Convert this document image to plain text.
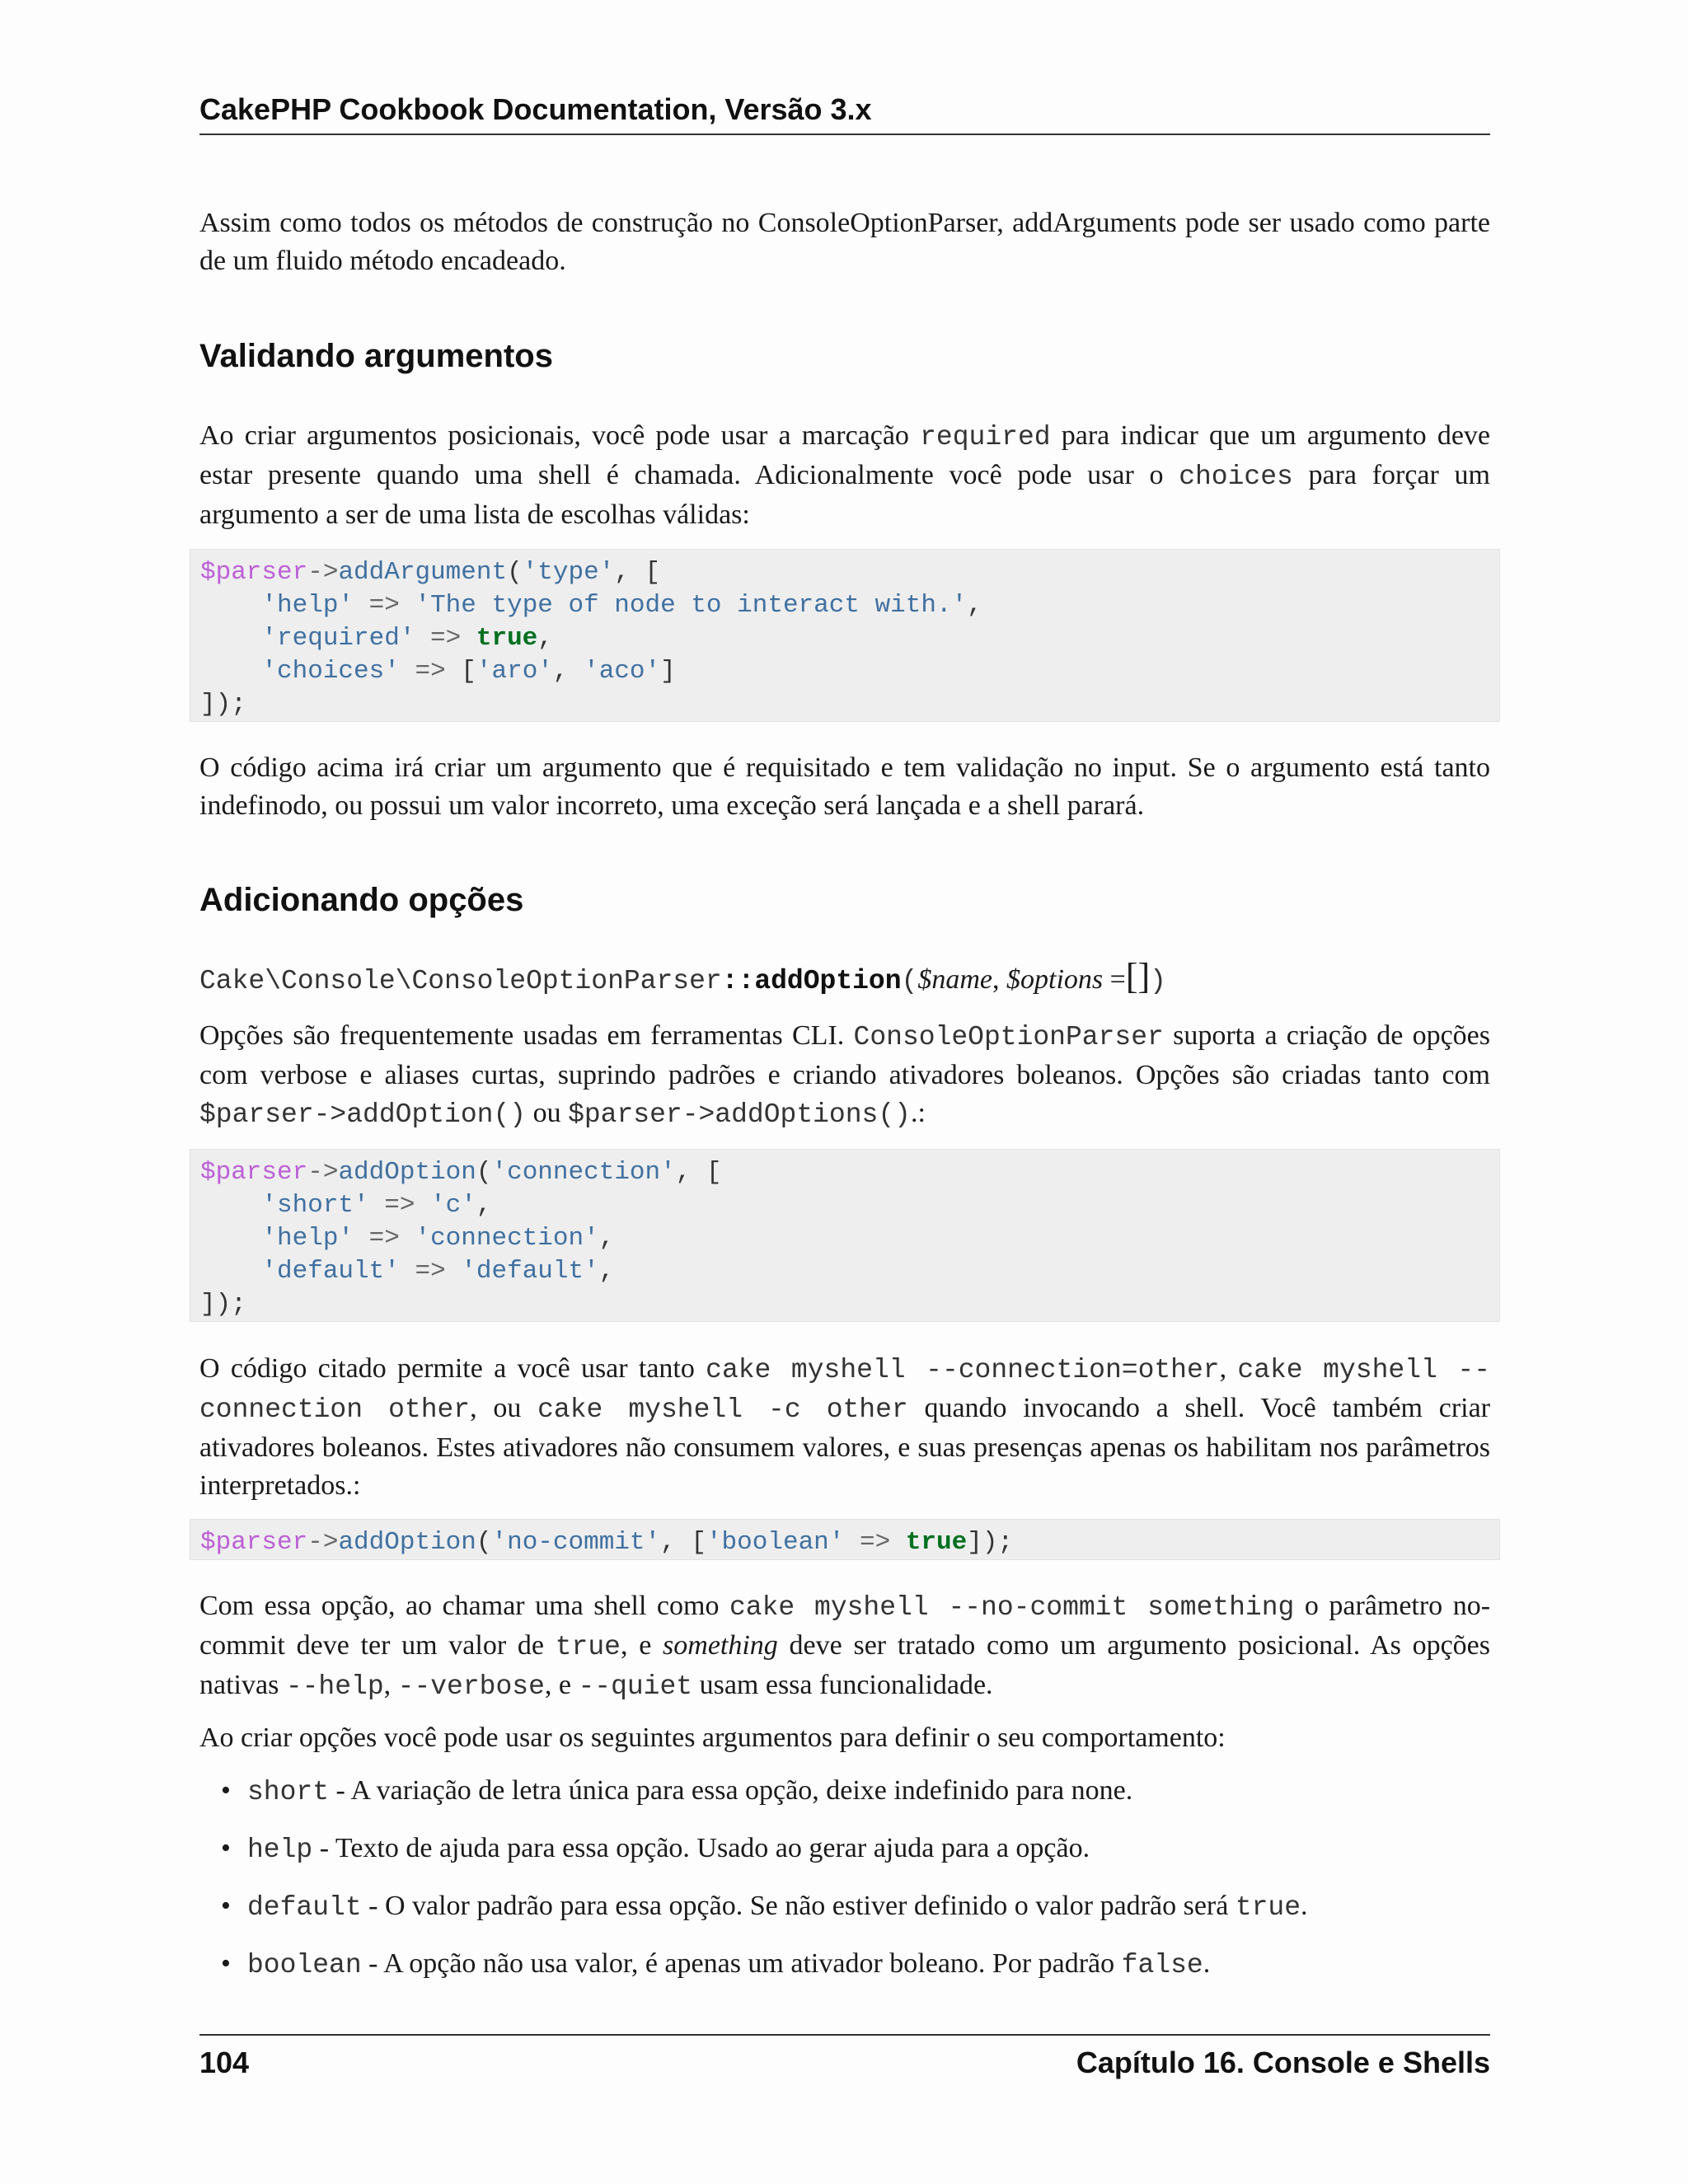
CakePHP Cookbook Documentation, Versão 3.x

Assim como todos os métodos de construção no ConsoleOptionParser, addArguments pode ser usado como parte de um fluido método encadeado.

Validando argumentos

Ao criar argumentos posicionais, você pode usar a marcação required para indicar que um argumento deve estar presente quando uma shell é chamada. Adicionalmente você pode usar o choices para forçar um argumento a ser de uma lista de escolhas válidas:

$parser->addArgument('type', [
'help' => 'The type of node to interact with.',
'required' => true,
'choices' => ['aro', 'aco']
]);

O código acima irá criar um argumento que é requisitado e tem validação no input. Se o argumento está tanto indefinodo, ou possui um valor incorreto, uma exceção será lançada e a shell parará.

Adicionando opções
Cake\Console\ConsoleOptionParser::addOption($name, $options =[])

Opções são frequentemente usadas em ferramentas CLI. ConsoleOptionParser suporta a criação de opções com verbose e aliases curtas, suprindo padrões e criando ativadores boleanos. Opções são criadas tanto com $parser->addOption() ou $parser->addOptions().:

$parser->addOption('connection', [
'short' => 'c',
'help' => 'connection',
'default' => 'default',
]);

O código citado permite a você usar tanto cake myshell --connection=other, cake myshell --connection other, ou cake myshell -c other quando invocando a shell. Você também criar ativadores boleanos. Estes ativadores não consumem valores, e suas presenças apenas os habilitam nos parâmetros interpretados.:

$parser->addOption('no-commit', ['boolean' => true]);

Com essa opção, ao chamar uma shell como cake myshell --no-commit something o parâmetro no-commit deve ter um valor de true, e something deve ser tratado como um argumento posicional. As opções nativas --help, --verbose, e --quiet usam essa funcionalidade.

Ao criar opções você pode usar os seguintes argumentos para definir o seu comportamento:

• short - A variação de letra única para essa opção, deixe indefinido para none.
• help - Texto de ajuda para essa opção. Usado ao gerar ajuda para a opção.
• default - O valor padrão para essa opção. Se não estiver definido o valor padrão será true.
• boolean - A opção não usa valor, é apenas um ativador boleano. Por padrão false.
104	Capítulo 16. Console e Shells
